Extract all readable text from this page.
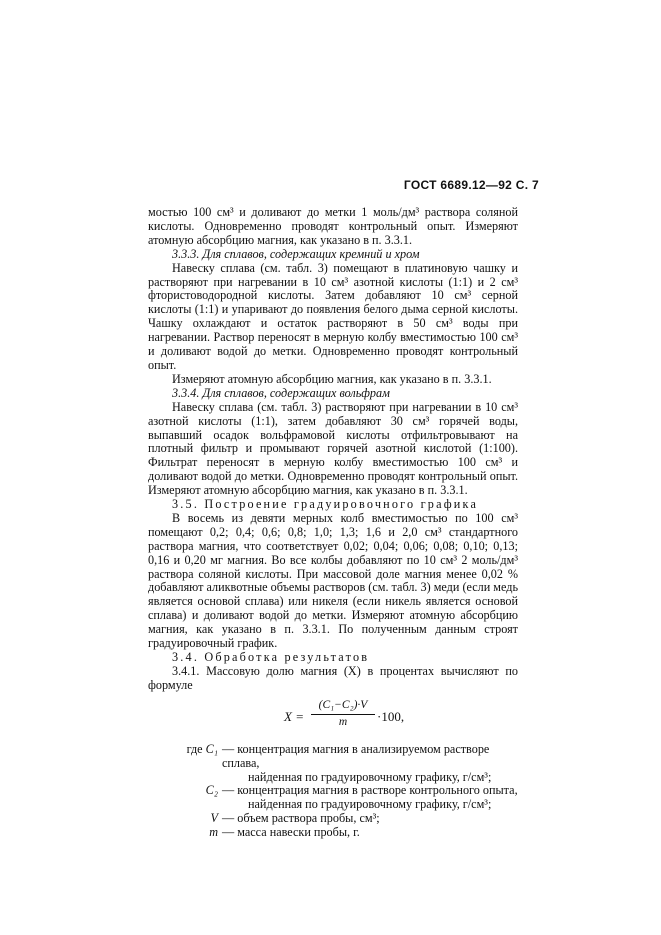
ГОСТ 6689.12—92 С. 7

мостью 100 см³ и доливают до метки 1 моль/дм³ раствора соляной кислоты. Одновременно проводят контрольный опыт. Измеряют атомную абсорбцию магния, как указано в п. 3.3.1.

3.3.3. Для сплавов, содержащих кремний и хром

Навеску сплава (см. табл. 3) помещают в платиновую чашку и растворяют при нагревании в 10 см³ азотной кислоты (1:1) и 2 см³ фтористоводородной кислоты. Затем добавляют 10 см³ серной кислоты (1:1) и упаривают до появления белого дыма серной кислоты. Чашку охлаждают и остаток растворяют в 50 см³ воды при нагревании. Раствор переносят в мерную колбу вместимостью 100 см³ и доливают водой до метки. Одновременно проводят контрольный опыт.

Измеряют атомную абсорбцию магния, как указано в п. 3.3.1.

3.3.4. Для сплавов, содержащих вольфрам

Навеску сплава (см. табл. 3) растворяют при нагревании в 10 см³ азотной кислоты (1:1), затем добавляют 30 см³ горячей воды, выпавший осадок вольфрамовой кислоты отфильтровывают на плотный фильтр и промывают горячей азотной кислотой (1:100). Фильтрат переносят в мерную колбу вместимостью 100 см³ и доливают водой до метки. Одновременно проводят контрольный опыт. Измеряют атомную абсорбцию магния, как указано в п. 3.3.1.

3.5. Построение градуировочного графика

В восемь из девяти мерных колб вместимостью по 100 см³ помещают 0,2; 0,4; 0,6; 0,8; 1,0; 1,3; 1,6 и 2,0 см³ стандартного раствора магния, что соответствует 0,02; 0,04; 0,06; 0,08; 0,10; 0,13; 0,16 и 0,20 мг магния. Во все колбы добавляют по 10 см³ 2 моль/дм³ раствора соляной кислоты. При массовой доле магния менее 0,02 % добавляют аликвотные объемы растворов (см. табл. 3) меди (если медь является основой сплава) или никеля (если никель является основой сплава) и доливают водой до метки. Измеряют атомную абсорбцию магния, как указано в п. 3.3.1. По полученным данным строят градуировочный график.

3.4. Обработка результатов

3.4.1. Массовую долю магния (X) в процентах вычисляют по формуле

$X = \frac{\text{(C₁−C₂)·V}}{m} \cdot 100$,
где C₁ — концентрация магния в анализируемом растворе сплава,
найденная по градуировочному графику, г/см³;
C₂ — концентрация магния в растворе контрольного опыта,
найденная по градуировочному графику, г/см³;
V — объем раствора пробы, см³;
m — масса навески пробы, г.
